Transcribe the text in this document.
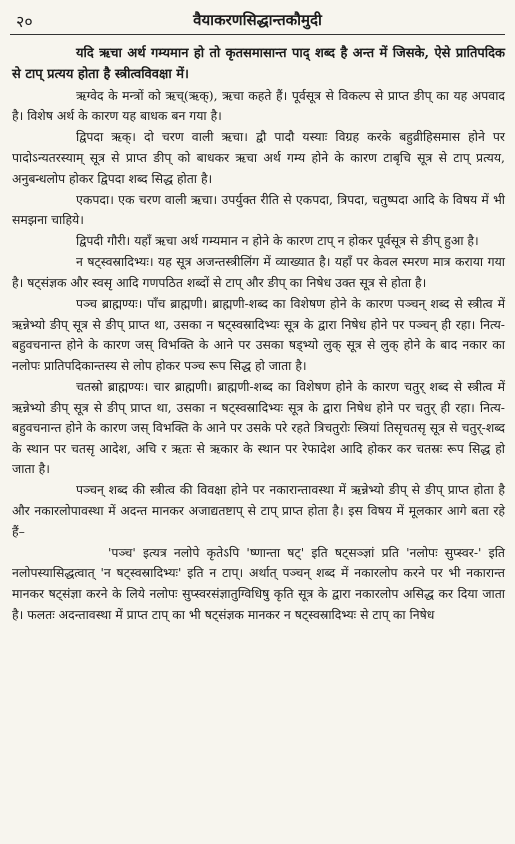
२०	वैयाकरणसिद्धान्तकौमुदी

यदि ऋचा अर्थ गम्यमान हो तो कृतसमासान्त पाद् शब्द है अन्त में जिसके, ऐसे प्रातिपदिक से टाप् प्रत्यय होता है स्त्रीत्वविवक्षा में।

ऋग्वेद के मन्त्रों को ऋच्(ऋक्), ऋचा कहते हैं। पूर्वसूत्र से विकल्प से प्राप्त ङीप् का यह अपवाद है। विशेष अर्थ के कारण यह बाधक बन गया है।

द्विपदा ऋक्। दो चरण वाली ऋचा। द्वौ पादौ यस्याः विग्रह करके बहुव्रीहिसमास होने पर पादोऽन्यतरस्याम् सूत्र से प्राप्त ङीप् को बाधकर ऋचा अर्थ गम्य होने के कारण टाबृचि सूत्र से टाप् प्रत्यय, अनुबन्धलोप होकर द्विपदा शब्द सिद्ध होता है।

एकपदा। एक चरण वाली ऋचा। उपर्युक्त रीति से एकपदा, त्रिपदा, चतुष्पदा आदि के विषय में भी समझना चाहिये।

द्विपदी गौरी। यहाँ ऋचा अर्थ गम्यमान न होने के कारण टाप् न होकर पूर्वसूत्र से ङीप् हुआ है।

न षट्स्वस्रादिभ्यः। यह सूत्र अजन्तस्त्रीलिंग में व्याख्यात है। यहाँ पर केवल स्मरण मात्र कराया गया है। षट्संज्ञक और स्वसृ आदि गणपठित शब्दों से टाप् और ङीप् का निषेध उक्त सूत्र से होता है।

पञ्च ब्राह्मण्यः। पाँच ब्राह्मणी। ब्राह्मणी-शब्द का विशेषण होने के कारण पञ्चन् शब्द से स्त्रीत्व में ऋन्नेभ्यो ङीप् सूत्र से ङीप् प्राप्त था, उसका न षट्स्वस्रादिभ्यः सूत्र के द्वारा निषेध होने पर पञ्चन् ही रहा। नित्य-बहुवचनान्त होने के कारण जस् विभक्ति के आने पर उसका षड्भ्यो लुक् सूत्र से लुक् होने के बाद नकार का नलोपः प्रातिपदिकान्तस्य से लोप होकर पञ्च रूप सिद्ध हो जाता है।

चतस्रो ब्राह्मण्यः। चार ब्राह्मणी। ब्राह्मणी-शब्द का विशेषण होने के कारण चतुर् शब्द से स्त्रीत्व में ऋन्नेभ्यो ङीप् सूत्र से ङीप् प्राप्त था, उसका न षट्स्वस्रादिभ्यः सूत्र के द्वारा निषेध होने पर चतुर् ही रहा। नित्य-बहुवचनान्त होने के कारण जस् विभक्ति के आने पर उसके परे रहते त्रिचतुरोः स्त्रियां तिसृचतसृ सूत्र से चतुर्-शब्द के स्थान पर चतसृ आदेश, अचि र ऋतः से ऋकार के स्थान पर रेफादेश आदि होकर कर चतस्रः रूप सिद्ध हो जाता है।

पञ्चन् शब्द की स्त्रीत्व की विवक्षा होने पर नकारान्तावस्था में ऋन्नेभ्यो ङीप् से ङीप् प्राप्त होता है और नकारलोपावस्था में अदन्त मानकर अजाद्यतष्टाप् से टाप् प्राप्त होता है। इस विषय में मूलकार आगे बता रहे हैं–

'पञ्च' इत्यत्र नलोपे कृतेऽपि 'ष्णान्ता षट्' इति षट्सञ्ज्ञां प्रति 'नलोपः सुप्स्वर-' इति नलोपस्यासिद्धत्वात् 'न षट्स्वस्रादिभ्यः' इति न टाप्। अर्थात् पञ्चन् शब्द में नकारलोप करने पर भी नकारान्त मानकर षट्संज्ञा करने के लिये नलोपः सुप्स्वरसंज्ञातुग्विधिषु कृति सूत्र के द्वारा नकारलोप असिद्ध कर दिया जाता है। फलतः अदन्तावस्था में प्राप्त टाप् का भी षट्संज्ञक मानकर न षट्स्वस्रादिभ्यः से टाप् का निषेध
